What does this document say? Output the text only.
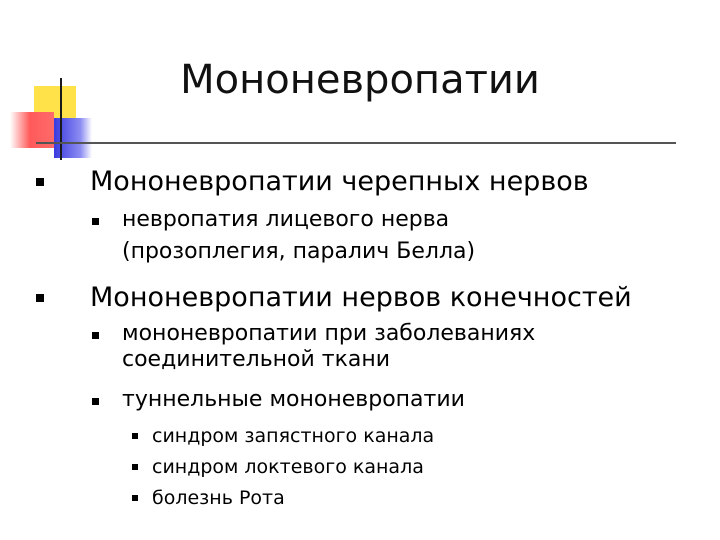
Мононевропатии
Мононевропатии черепных нервов
невропатия лицевого нерва
(прозоплегия, паралич Белла)
Мононевропатии нервов конечностей
мононевропатии при заболеваниях
соединительной ткани
туннельные мононевропатии
синдром запястного канала
синдром локтевого канала
болезнь Рота
